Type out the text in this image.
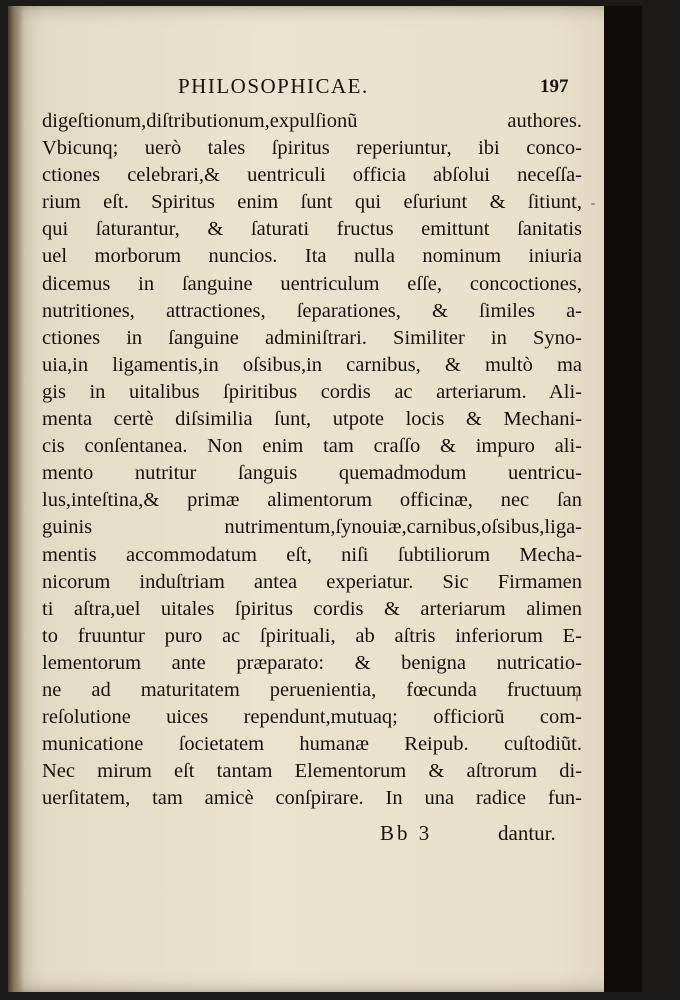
PHILOSOPHICAE.	197
digeſtionum,diſtributionum,expulſionũ authores.
Vbicunq; uerò tales ſpiritus reperiuntur, ibi conco-
ctiones celebrari,& uentriculi officia abſolui neceſſa-
rium eſt. Spiritus enim ſunt qui eſuriunt & ſitiunt,
qui ſaturantur, & ſaturati fructus emittunt ſanitatis
uel morborum nuncios. Ita nulla nominum iniuria
dicemus in ſanguine uentriculum eſſe, concoctiones,
nutritiones, attractiones, ſeparationes, & ſimiles a-
ctiones in ſanguine adminiſtrari. Similiter in Syno-
uia,in ligamentis,in oſsibus,in carnibus, & multò ma
gis in uitalibus ſpiritibus cordis ac arteriarum. Ali-
menta certè diſsimilia ſunt, utpote locis & Mechani-
cis conſentanea. Non enim tam craſſo & impuro ali-
mento nutritur ſanguis quemadmodum uentricu-
lus,inteſtina,& primæ alimentorum officinæ, nec ſan
guinis nutrimentum,ſynouiæ,carnibus,oſsibus,liga-
mentis accommodatum eſt, niſi ſubtiliorum Mecha-
nicorum induſtriam antea experiatur. Sic Firmamen
ti aſtra,uel uitales ſpiritus cordis & arteriarum alimen
to fruuntur puro ac ſpirituali, ab aſtris inferiorum E-
lementorum ante præparato: & benigna nutricatio-
ne ad maturitatem peruenientia, fœcunda fructuum
reſolutione uices rependunt,mutuaq; officiorũ com-
municatione ſocietatem humanæ Reipub. cuſtodiũt.
Nec mirum eſt tantam Elementorum & aſtrorum di-
uerſitatem, tam amicè conſpirare. In una radice fun-
Bb 3	dantur.
